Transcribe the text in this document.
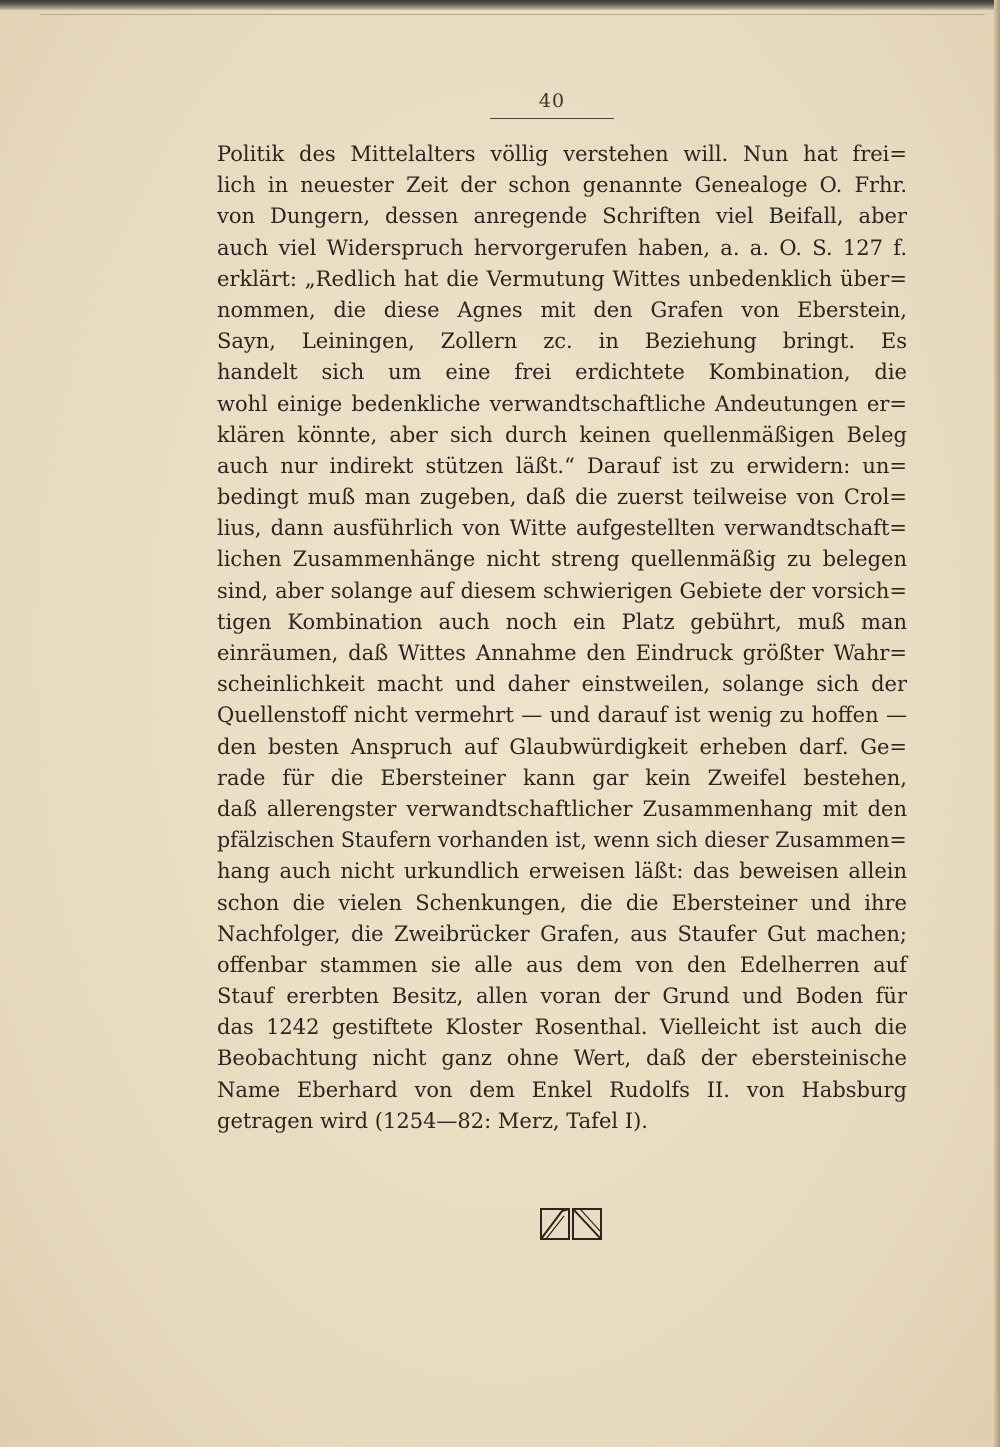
40
Politik des Mittelalters völlig verstehen will. Nun hat frei=
lich in neuester Zeit der schon genannte Genealoge O. Frhr.
von Dungern, dessen anregende Schriften viel Beifall, aber
auch viel Widerspruch hervorgerufen haben, a. a. O. S. 127 f.
erklärt: „Redlich hat die Vermutung Wittes unbedenklich über=
nommen, die diese Agnes mit den Grafen von Eberstein,
Sayn, Leiningen, Zollern zc. in Beziehung bringt. Es
handelt sich um eine frei erdichtete Kombination, die
wohl einige bedenkliche verwandtschaftliche Andeutungen er=
klären könnte, aber sich durch keinen quellenmäßigen Beleg
auch nur indirekt stützen läßt.“ Darauf ist zu erwidern: un=
bedingt muß man zugeben, daß die zuerst teilweise von Crol=
lius, dann ausführlich von Witte aufgestellten verwandtschaft=
lichen Zusammenhänge nicht streng quellenmäßig zu belegen
sind, aber solange auf diesem schwierigen Gebiete der vorsich=
tigen Kombination auch noch ein Platz gebührt, muß man
einräumen, daß Wittes Annahme den Eindruck größter Wahr=
scheinlichkeit macht und daher einstweilen, solange sich der
Quellenstoff nicht vermehrt — und darauf ist wenig zu hoffen —
den besten Anspruch auf Glaubwürdigkeit erheben darf. Ge=
rade für die Ebersteiner kann gar kein Zweifel bestehen,
daß allerengster verwandtschaftlicher Zusammenhang mit den
pfälzischen Staufern vorhanden ist, wenn sich dieser Zusammen=
hang auch nicht urkundlich erweisen läßt: das beweisen allein
schon die vielen Schenkungen, die die Ebersteiner und ihre
Nachfolger, die Zweibrücker Grafen, aus Staufer Gut machen;
offenbar stammen sie alle aus dem von den Edelherren auf
Stauf ererbten Besitz, allen voran der Grund und Boden für
das 1242 gestiftete Kloster Rosenthal. Vielleicht ist auch die
Beobachtung nicht ganz ohne Wert, daß der ebersteinische
Name Eberhard von dem Enkel Rudolfs II. von Habsburg
getragen wird (1254—82: Merz, Tafel I).
